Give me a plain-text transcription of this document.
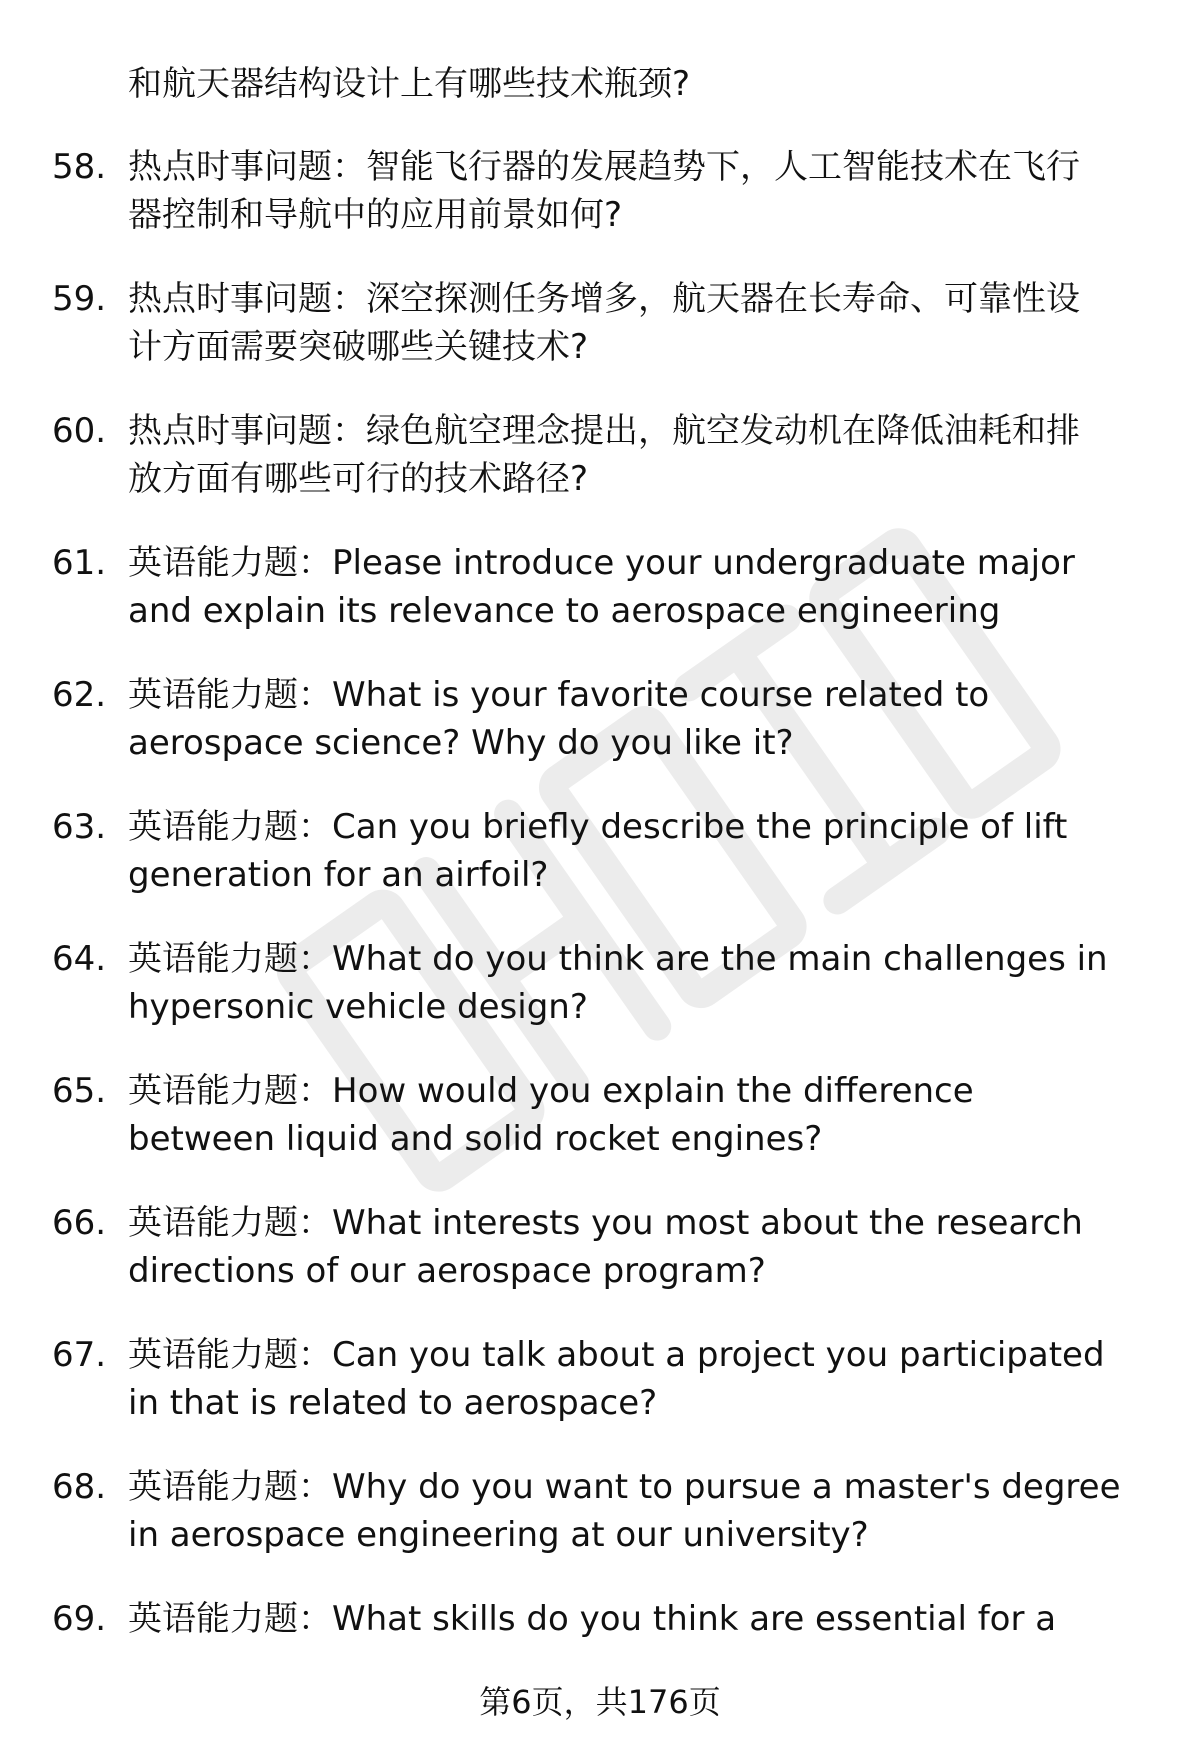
和航天器结构设计上有哪些技术瓶颈?
58. 热点时事问题：智能飞行器的发展趋势下，人工智能技术在飞行
器控制和导航中的应用前景如何?
59. 热点时事问题：深空探测任务增多，航天器在长寿命、可靠性设
计方面需要突破哪些关键技术?
60. 热点时事问题：绿色航空理念提出，航空发动机在降低油耗和排
放方面有哪些可行的技术路径?
61. 英语能力题：Please introduce your undergraduate major
and explain its relevance to aerospace engineering
62. 英语能力题：What is your favorite course related to
aerospace science? Why do you like it?
63. 英语能力题：Can you briefly describe the principle of lift
generation for an airfoil?
64. 英语能力题：What do you think are the main challenges in
hypersonic vehicle design?
65. 英语能力题：How would you explain the difference
between liquid and solid rocket engines?
66. 英语能力题：What interests you most about the research
directions of our aerospace program?
67. 英语能力题：Can you talk about a project you participated
in that is related to aerospace?
68. 英语能力题：Why do you want to pursue a master's degree
in aerospace engineering at our university?
69. 英语能力题：What skills do you think are essential for a
第6页，共176页
